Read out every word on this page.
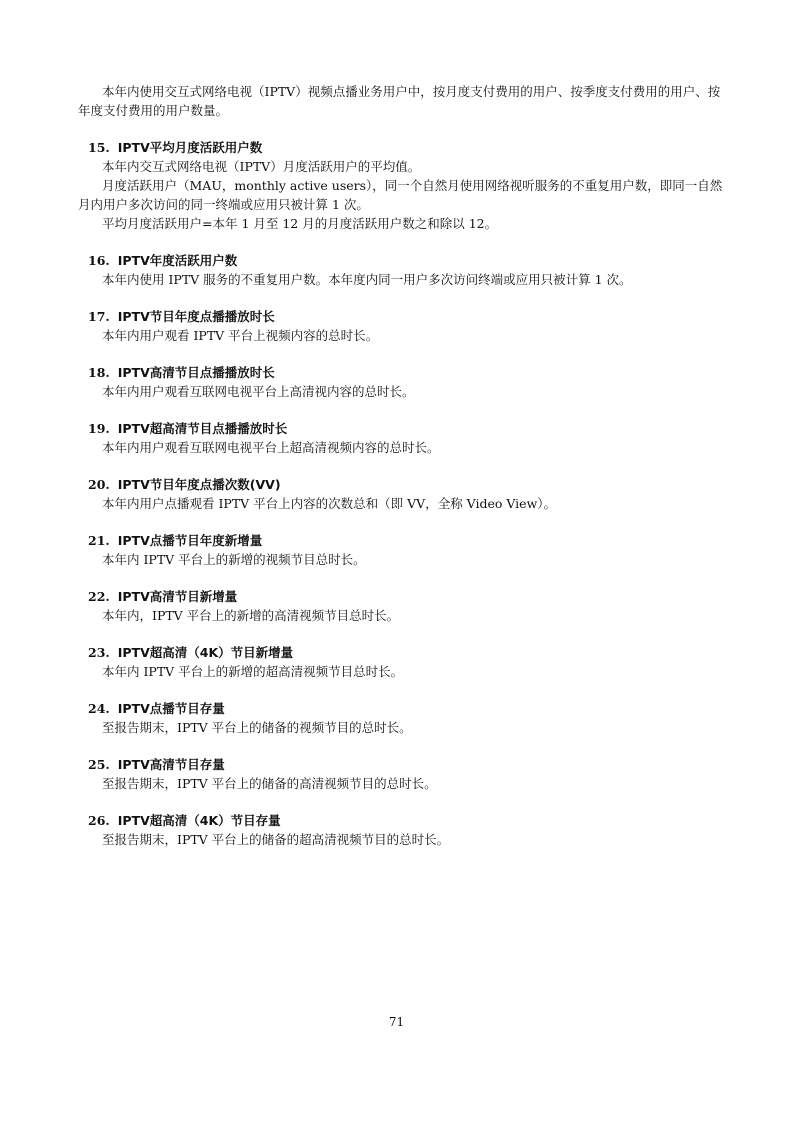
本年内使用交互式网络电视（IPTV）视频点播业务用户中，按月度支付费用的用户、按季度支付费用的用户、按年度支付费用的用户数量。

15. IPTV平均月度活跃用户数

本年内交互式网络电视（IPTV）月度活跃用户的平均值。

月度活跃用户（MAU，monthly active users），同一个自然月使用网络视听服务的不重复用户数，即同一自然月内用户多次访问的同一终端或应用只被计算 1 次。

平均月度活跃用户=本年 1 月至 12 月的月度活跃用户数之和除以 12。

16. IPTV年度活跃用户数

本年内使用 IPTV 服务的不重复用户数。本年度内同一用户多次访问终端或应用只被计算 1 次。

17. IPTV节目年度点播播放时长

本年内用户观看 IPTV 平台上视频内容的总时长。

18. IPTV高清节目点播播放时长

本年内用户观看互联网电视平台上高清视内容的总时长。

19. IPTV超高清节目点播播放时长

本年内用户观看互联网电视平台上超高清视频内容的总时长。

20. IPTV节目年度点播次数(VV)

本年内用户点播观看 IPTV 平台上内容的次数总和（即 VV，全称 Video View）。

21. IPTV点播节目年度新增量

本年内 IPTV 平台上的新增的视频节目总时长。

22. IPTV高清节目新增量

本年内，IPTV 平台上的新增的高清视频节目总时长。

23. IPTV超高清（4K）节目新增量

本年内 IPTV 平台上的新增的超高清视频节目总时长。

24. IPTV点播节目存量

至报告期末，IPTV 平台上的储备的视频节目的总时长。

25. IPTV高清节目存量

至报告期末，IPTV 平台上的储备的高清视频节目的总时长。

26. IPTV超高清（4K）节目存量

至报告期末，IPTV 平台上的储备的超高清视频节目的总时长。

71
